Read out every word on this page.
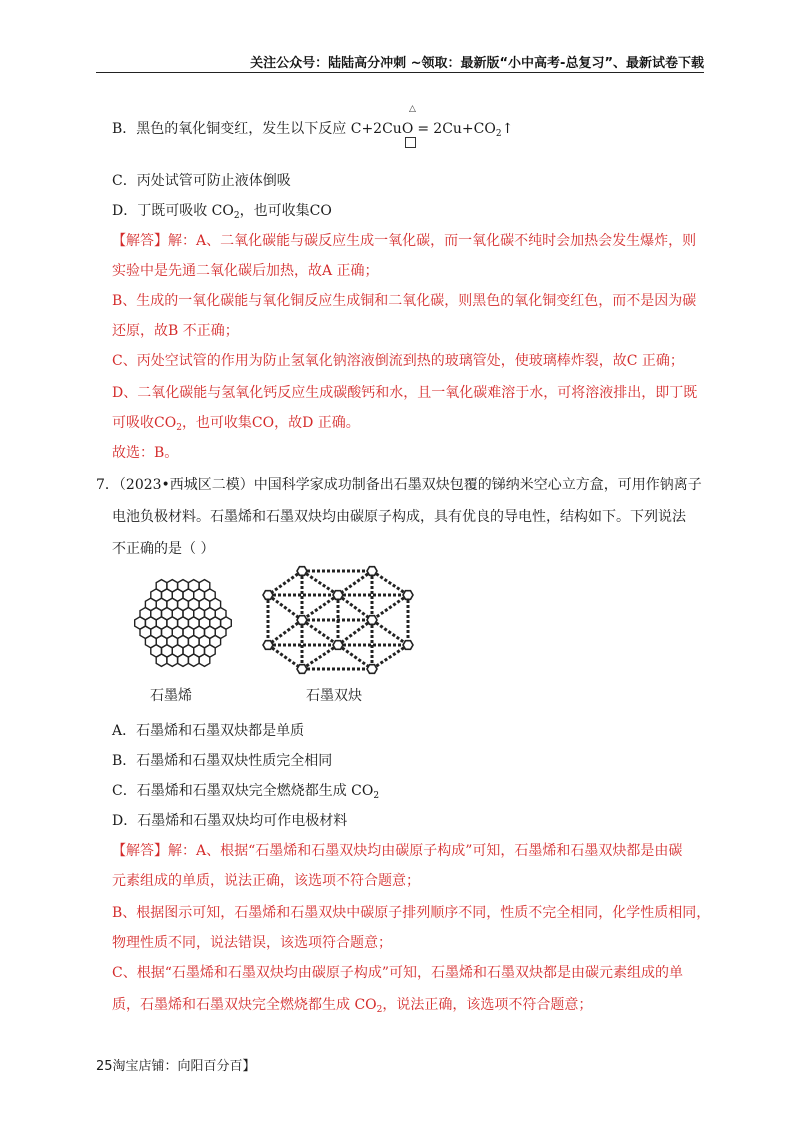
关注公众号：陆陆高分冲刺 ~领取：最新版“小中高考-总复习”、最新试卷下载
B．黑色的氧化铜变红，发生以下反应 $C+2CuO = 2Cu+CO_2↑$
△
C．丙处试管可防止液体倒吸
D．丁既可吸收 $CO_2$，也可收集CO
【解答】解：A、二氧化碳能与碳反应生成一氧化碳，而一氧化碳不纯时会加热会发生爆炸，则
实验中是先通二氧化碳后加热，故A 正确；
B、生成的一氧化碳能与氧化铜反应生成铜和二氧化碳，则黑色的氧化铜变红色，而不是因为碳
还原，故B 不正确；
C、丙处空试管的作用为防止氢氧化钠溶液倒流到热的玻璃管处，使玻璃棒炸裂，故C 正确；
D、二氧化碳能与氢氧化钙反应生成碳酸钙和水，且一氧化碳难溶于水，可将溶液排出，即丁既
可吸收$CO_2$，也可收集CO，故D 正确。
故选：B。
7．（2023•西城区二模）中国科学家成功制备出石墨双炔包覆的锑纳米空心立方盒，可用作钠离子
电池负极材料。石墨烯和石墨双炔均由碳原子构成，具有优良的导电性，结构如下。下列说法
不正确的是（ ）
石墨烯	石墨双炔
A．石墨烯和石墨双炔都是单质
B．石墨烯和石墨双炔性质完全相同
C．石墨烯和石墨双炔完全燃烧都生成 $CO_2$
D．石墨烯和石墨双炔均可作电极材料
【解答】解：A、根据“石墨烯和石墨双炔均由碳原子构成”可知，石墨烯和石墨双炔都是由碳
元素组成的单质，说法正确，该选项不符合题意；
B、根据图示可知，石墨烯和石墨双炔中碳原子排列顺序不同，性质不完全相同，化学性质相同，
物理性质不同，说法错误，该选项符合题意；
C、根据“石墨烯和石墨双炔均由碳原子构成”可知，石墨烯和石墨双炔都是由碳元素组成的单
质，石墨烯和石墨双炔完全燃烧都生成 $CO_2$，说法正确，该选项不符合题意；
25淘宝店铺：向阳百分百】
